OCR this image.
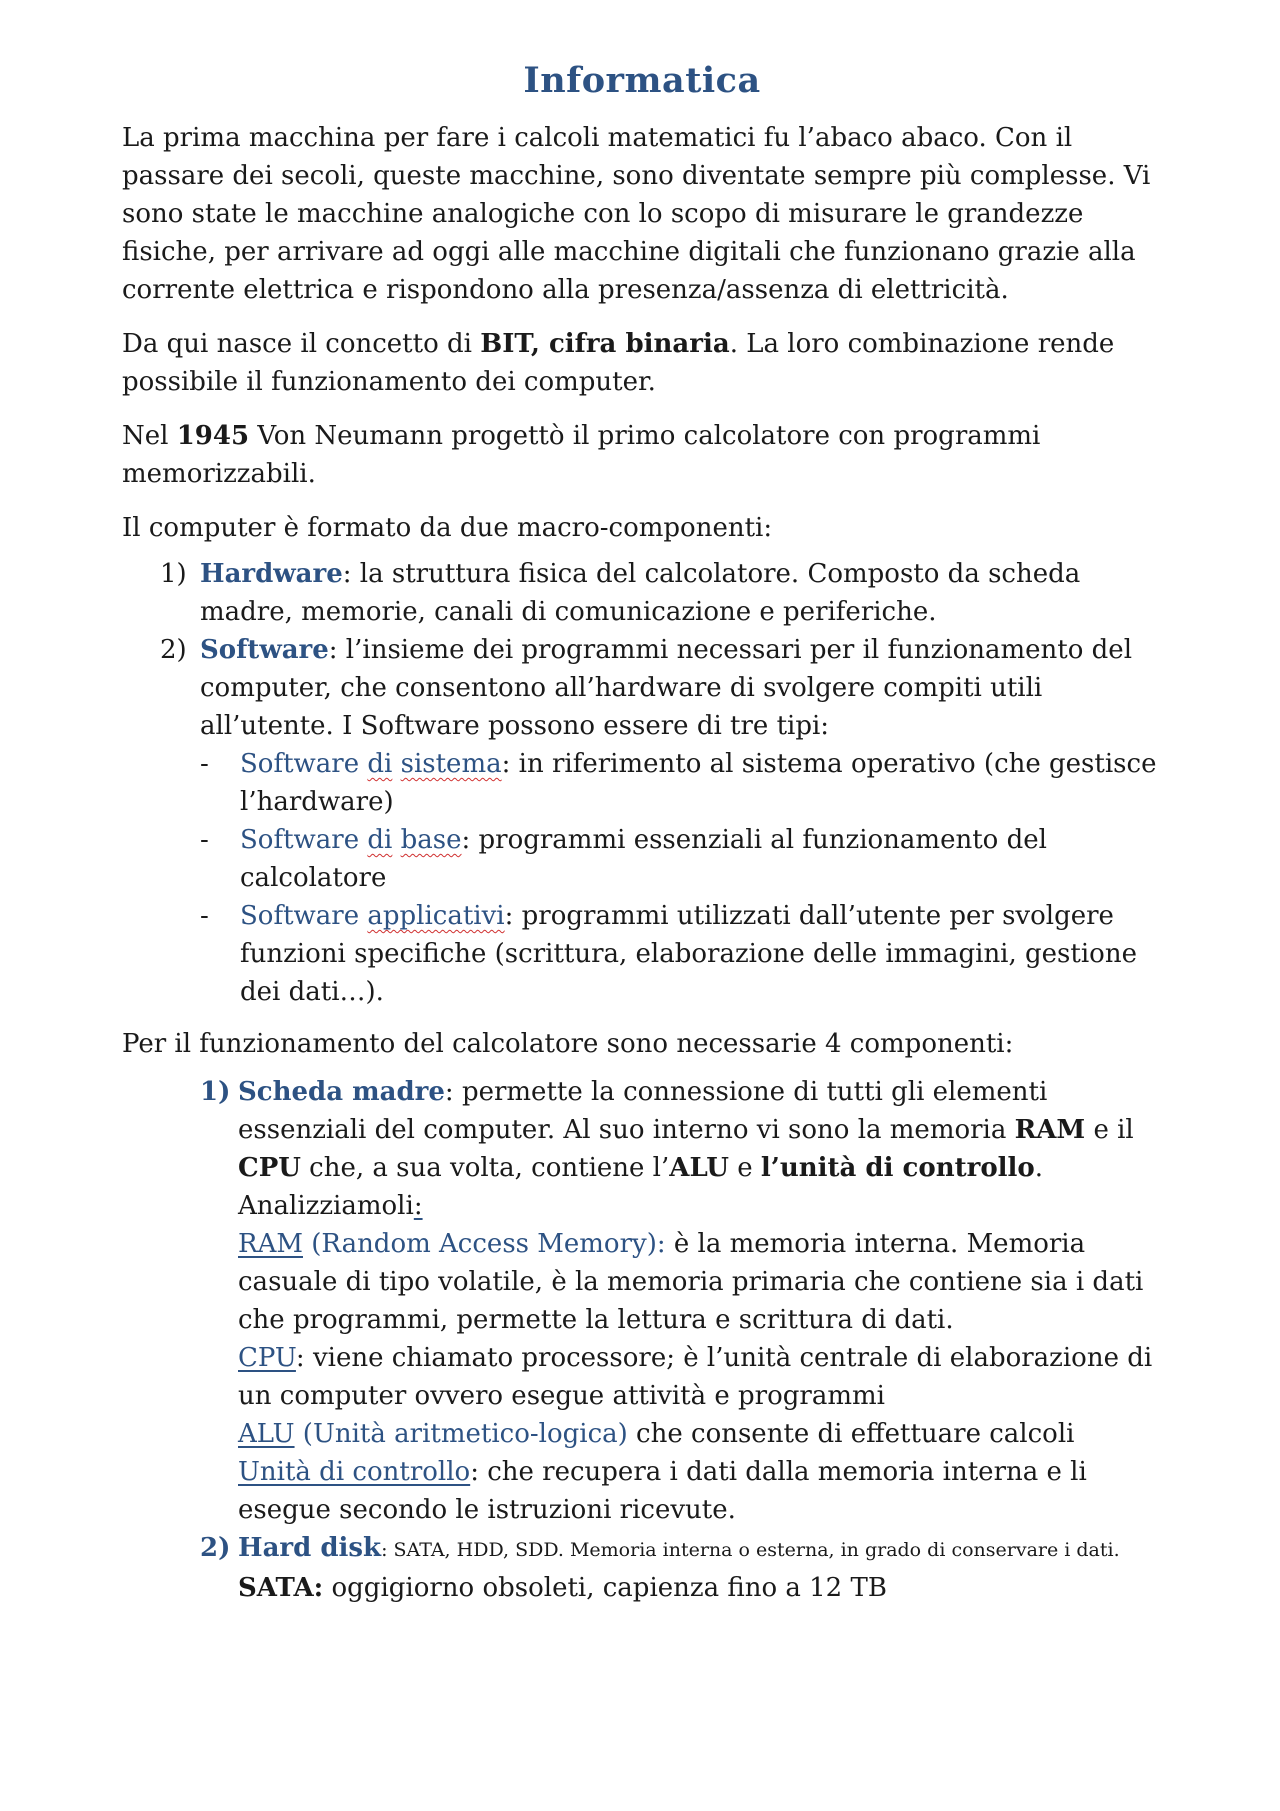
Informatica

La prima macchina per fare i calcoli matematici fu l’abaco abaco. Con il passare dei secoli, queste macchine, sono diventate sempre più complesse. Vi sono state le macchine analogiche con lo scopo di misurare le grandezze fisiche, per arrivare ad oggi alle macchine digitali che funzionano grazie alla corrente elettrica e rispondono alla presenza/assenza di elettricità.

Da qui nasce il concetto di BIT, cifra binaria. La loro combinazione rende possibile il funzionamento dei computer.

Nel 1945 Von Neumann progettò il primo calcolatore con programmi memorizzabili.

Il computer è formato da due macro-componenti:

1) Hardware: la struttura fisica del calcolatore. Composto da scheda madre, memorie, canali di comunicazione e periferiche.
2) Software: l’insieme dei programmi necessari per il funzionamento del computer, che consentono all’hardware di svolgere compiti utili all’utente. I Software possono essere di tre tipi:
- Software di sistema: in riferimento al sistema operativo (che gestisce l’hardware)
- Software di base: programmi essenziali al funzionamento del calcolatore
- Software applicativi: programmi utilizzati dall’utente per svolgere funzioni specifiche (scrittura, elaborazione delle immagini, gestione dei dati…).

Per il funzionamento del calcolatore sono necessarie 4 componenti:

1) Scheda madre: permette la connessione di tutti gli elementi essenziali del computer. Al suo interno vi sono la memoria RAM e il CPU che, a sua volta, contiene l’ALU e l’unità di controllo. Analizziamoli:
RAM (Random Access Memory): è la memoria interna. Memoria casuale di tipo volatile, è la memoria primaria che contiene sia i dati che programmi, permette la lettura e scrittura di dati.
CPU: viene chiamato processore; è l’unità centrale di elaborazione di un computer ovvero esegue attività e programmi
ALU (Unità aritmetico-logica) che consente di effettuare calcoli
Unità di controllo: che recupera i dati dalla memoria interna e li esegue secondo le istruzioni ricevute.
2) Hard disk: SATA, HDD, SDD. Memoria interna o esterna, in grado di conservare i dati.
SATA: oggigiorno obsoleti, capienza fino a 12 TB
